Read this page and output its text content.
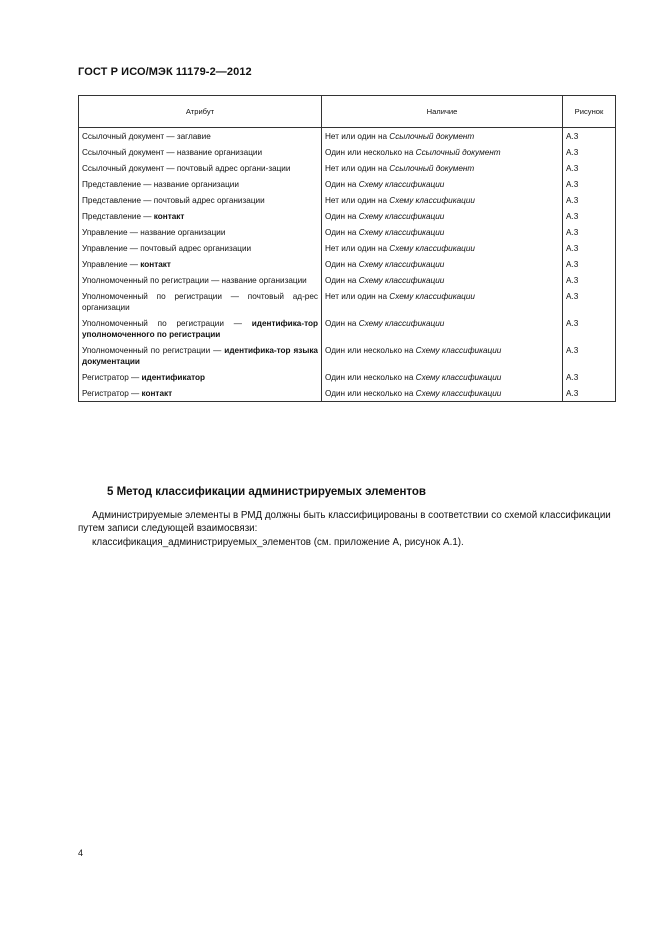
ГОСТ Р ИСО/МЭК 11179-2—2012
Атрибут	Наличие	Рисунок
Ссылочный документ — заглавие	Нет или один на Ссылочный документ	A.3
Ссылочный документ — название организации	Один или несколько на Ссылочный документ	A.3
Ссылочный документ — почтовый адрес органи-зации	Нет или один на Ссылочный документ	A.3
Представление — название организации	Один на Схему классификации	A.3
Представление — почтовый адрес организации	Нет или один на Схему классификации	A.3
Представление — контакт	Один на Схему классификации	A.3
Управление — название организации	Один на Схему классификации	A.3
Управление — почтовый адрес организации	Нет или один на Схему классификации	A.3
Управление — контакт	Один на Схему классификации	A.3
Уполномоченный по регистрации — название организации	Один на Схему классификации	A.3
Уполномоченный по регистрации — почтовый ад-рес организации	Нет или один на Схему классификации	A.3
Уполномоченный по регистрации — идентифика-тор уполномоченного по регистрации	Один на Схему классификации	A.3
Уполномоченный по регистрации — идентифика-тор языка документации	Один или несколько на Схему классификации	A.3
Регистратор — идентификатор	Один или несколько на Схему классификации	A.3
Регистратор — контакт	Один или несколько на Схему классификации	A.3
5 Метод классификации администрируемых элементов
Администрируемые элементы в РМД должны быть классифицированы в соответствии со схемой классификации путем записи следующей взаимосвязи:
классификация_администрируемых_элементов (см. приложение A, рисунок A.1).
4
